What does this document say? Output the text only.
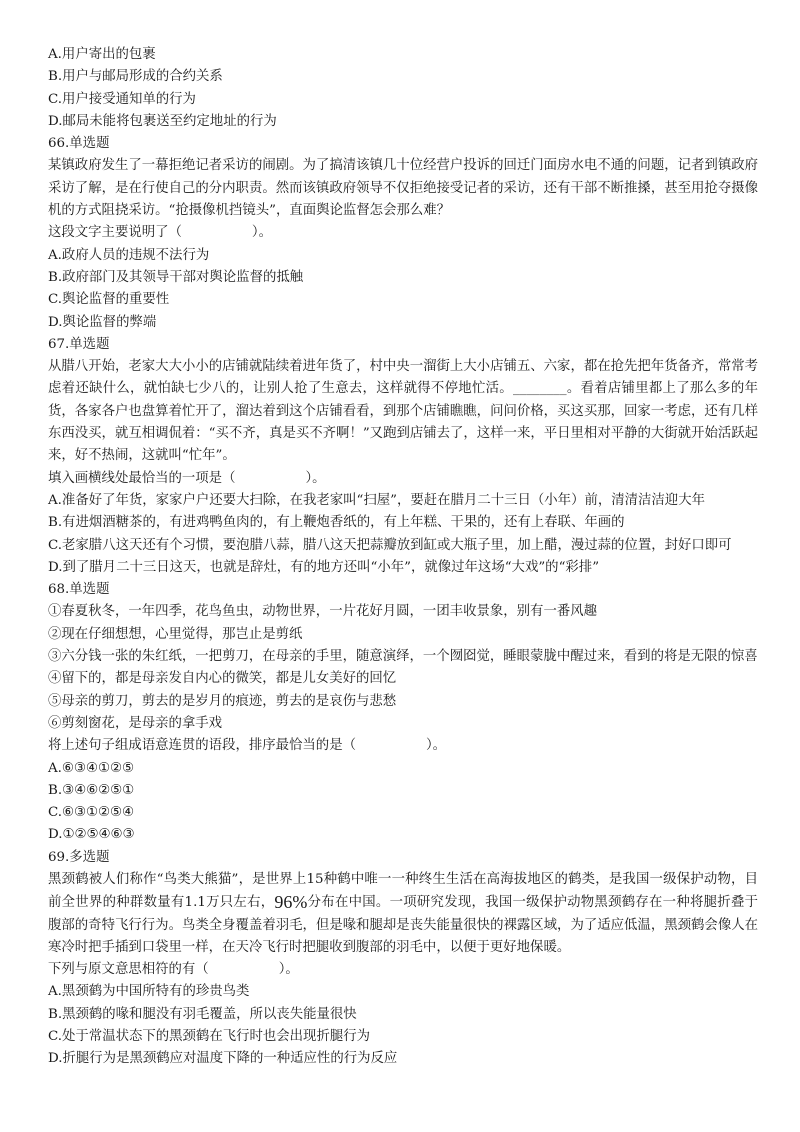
A.用户寄出的包裹
B.用户与邮局形成的合约关系
C.用户接受通知单的行为
D.邮局未能将包裹送至约定地址的行为
66.单选题
某镇政府发生了一幕拒绝记者采访的闹剧。为了搞清该镇几十位经营户投诉的回迁门面房水电不通的问题，记者到镇政府采访了解，是在行使自己的分内职责。然而该镇政府领导不仅拒绝接受记者的采访，还有干部不断推搡，甚至用抢夺摄像机的方式阻挠采访。“抢摄像机挡镜头”，直面舆论监督怎会那么难？
这段文字主要说明了（	）。
A.政府人员的违规不法行为
B.政府部门及其领导干部对舆论监督的抵触
C.舆论监督的重要性
D.舆论监督的弊端
67.单选题
从腊八开始，老家大大小小的店铺就陆续着进年货了，村中央一溜街上大小店铺五、六家，都在抢先把年货备齐，常常考虑着还缺什么，就怕缺七少八的，让别人抢了生意去，这样就得不停地忙活。________。看着店铺里都上了那么多的年货，各家各户也盘算着忙开了，溜达着到这个店铺看看，到那个店铺瞧瞧，问问价格，买这买那，回家一考虑，还有几样东西没买，就互相调侃着：“买不齐，真是买不齐啊！”又跑到店铺去了，这样一来，平日里相对平静的大街就开始活跃起来，好不热闹，这就叫“忙年”。
填入画横线处最恰当的一项是（	）。
A.准备好了年货，家家户户还要大扫除，在我老家叫“扫屋”，要赶在腊月二十三日（小年）前，清清洁洁迎大年
B.有进烟酒糖茶的，有进鸡鸭鱼肉的，有上鞭炮香纸的，有上年糕、干果的，还有上春联、年画的
C.老家腊八这天还有个习惯，要泡腊八蒜，腊八这天把蒜瓣放到缸或大瓶子里，加上醋，漫过蒜的位置，封好口即可
D.到了腊月二十三日这天，也就是辞灶，有的地方还叫“小年”，就像过年这场“大戏”的“彩排”
68.单选题
①春夏秋冬，一年四季，花鸟鱼虫，动物世界，一片花好月圆，一团丰收景象，别有一番风趣
②现在仔细想想，心里觉得，那岂止是剪纸
③六分钱一张的朱红纸，一把剪刀，在母亲的手里，随意演绎，一个囫囵觉，睡眼蒙胧中醒过来，看到的将是无限的惊喜
④留下的，都是母亲发自内心的微笑，都是儿女美好的回忆
⑤母亲的剪刀，剪去的是岁月的痕迹，剪去的是哀伤与悲愁
⑥剪刻窗花，是母亲的拿手戏
将上述句子组成语意连贯的语段，排序最恰当的是（	）。
A.⑥③④①②⑤
B.③④⑥②⑤①
C.⑥③①②⑤④
D.①②⑤④⑥③
69.多选题
黑颈鹤被人们称作“鸟类大熊猫”，是世界上15种鹤中唯一一种终生生活在高海拔地区的鹤类，是我国一级保护动物，目前全世界的种群数量有1.1万只左右，96%分布在中国。一项研究发现，我国一级保护动物黑颈鹤存在一种将腿折叠于腹部的奇特飞行行为。鸟类全身覆盖着羽毛，但是喙和腿却是丧失能量很快的裸露区域，为了适应低温，黑颈鹤会像人在寒冷时把手插到口袋里一样，在天冷飞行时把腿收到腹部的羽毛中，以便于更好地保暖。
下列与原文意思相符的有（	）。
A.黑颈鹤为中国所特有的珍贵鸟类
B.黑颈鹤的喙和腿没有羽毛覆盖，所以丧失能量很快
C.处于常温状态下的黑颈鹤在飞行时也会出现折腿行为
D.折腿行为是黑颈鹤应对温度下降的一种适应性的行为反应
